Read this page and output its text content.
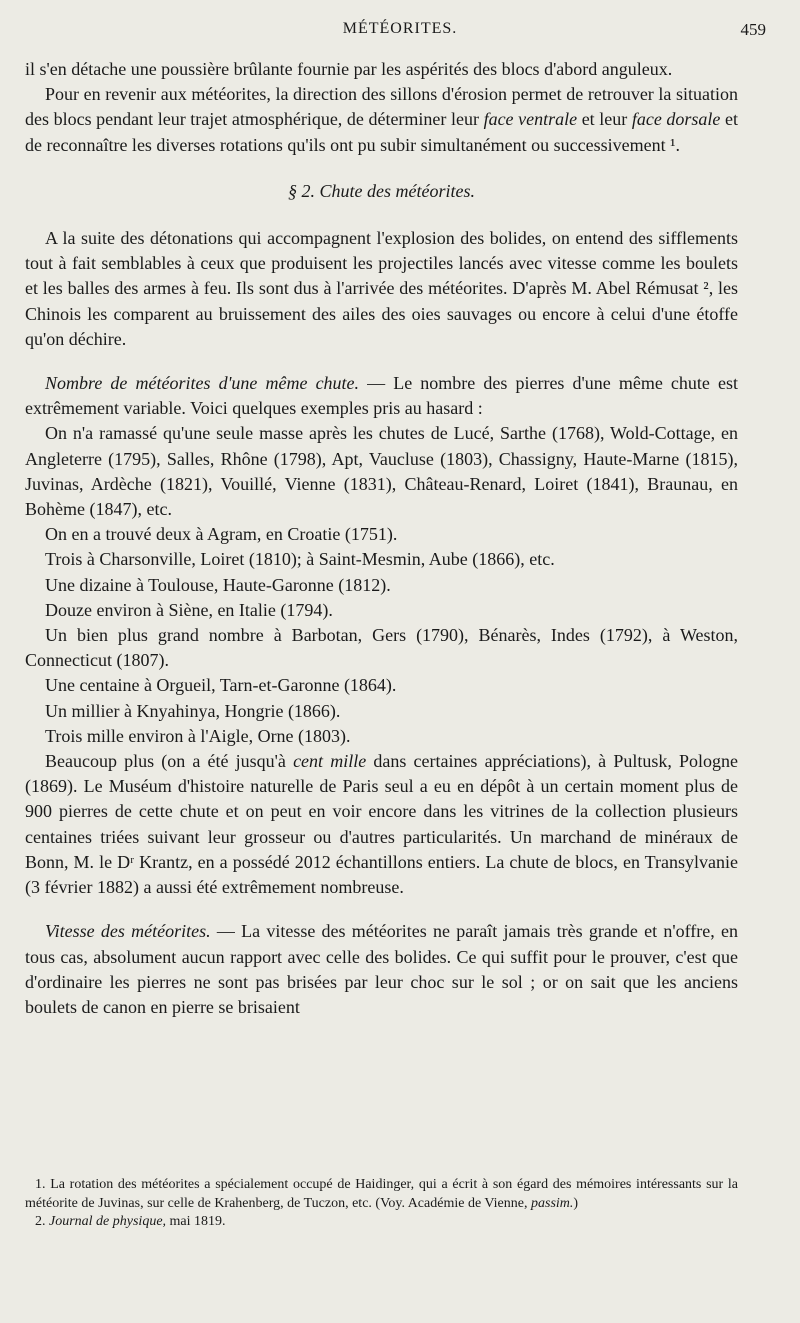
MÉTÉORITES.	459

il s'en détache une poussière brûlante fournie par les aspérités des blocs d'abord anguleux.

Pour en revenir aux météorites, la direction des sillons d'érosion permet de retrouver la situation des blocs pendant leur trajet atmosphérique, de déterminer leur face ventrale et leur face dorsale et de reconnaître les diverses rotations qu'ils ont pu subir simultanément ou successivement ¹.

§ 2. Chute des météorites.

A la suite des détonations qui accompagnent l'explosion des bolides, on entend des sifflements tout à fait semblables à ceux que produisent les projectiles lancés avec vitesse comme les boulets et les balles des armes à feu. Ils sont dus à l'arrivée des météorites. D'après M. Abel Rémusat ², les Chinois les comparent au bruissement des ailes des oies sauvages ou encore à celui d'une étoffe qu'on déchire.

Nombre de météorites d'une même chute. — Le nombre des pierres d'une même chute est extrêmement variable. Voici quelques exemples pris au hasard :

On n'a ramassé qu'une seule masse après les chutes de Lucé, Sarthe (1768), Wold-Cottage, en Angleterre (1795), Salles, Rhône (1798), Apt, Vaucluse (1803), Chassigny, Haute-Marne (1815), Juvinas, Ardèche (1821), Vouillé, Vienne (1831), Château-Renard, Loiret (1841), Braunau, en Bohème (1847), etc.

On en a trouvé deux à Agram, en Croatie (1751).

Trois à Charsonville, Loiret (1810); à Saint-Mesmin, Aube (1866), etc.

Une dizaine à Toulouse, Haute-Garonne (1812).

Douze environ à Siène, en Italie (1794).

Un bien plus grand nombre à Barbotan, Gers (1790), Bénarès, Indes (1792), à Weston, Connecticut (1807).

Une centaine à Orgueil, Tarn-et-Garonne (1864).

Un millier à Knyahinya, Hongrie (1866).

Trois mille environ à l'Aigle, Orne (1803).

Beaucoup plus (on a été jusqu'à cent mille dans certaines appréciations), à Pultusk, Pologne (1869). Le Muséum d'histoire naturelle de Paris seul a eu en dépôt à un certain moment plus de 900 pierres de cette chute et on peut en voir encore dans les vitrines de la collection plusieurs centaines triées suivant leur grosseur ou d'autres particularités. Un marchand de minéraux de Bonn, M. le Dʳ Krantz, en a possédé 2012 échantillons entiers. La chute de blocs, en Transylvanie (3 février 1882) a aussi été extrêmement nombreuse.

Vitesse des météorites. — La vitesse des météorites ne paraît jamais très grande et n'offre, en tous cas, absolument aucun rapport avec celle des bolides. Ce qui suffit pour le prouver, c'est que d'ordinaire les pierres ne sont pas brisées par leur choc sur le sol ; or on sait que les anciens boulets de canon en pierre se brisaient

1. La rotation des météorites a spécialement occupé de Haidinger, qui a écrit à son égard des mémoires intéressants sur la météorite de Juvinas, sur celle de Krahenberg, de Tuczon, etc. (Voy. Académie de Vienne, passim.)

2. Journal de physique, mai 1819.
